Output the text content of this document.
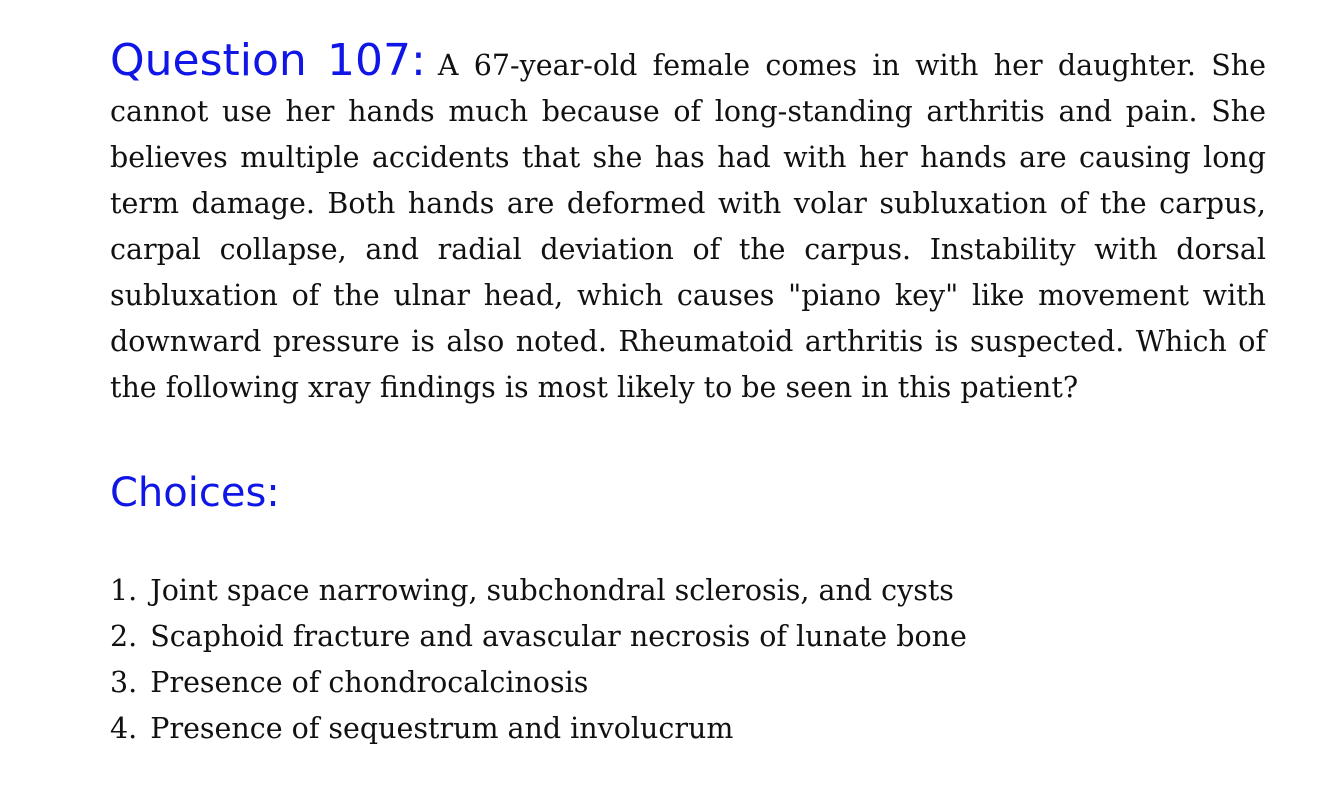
Question 107: A 67-year-old female comes in with her daughter. She cannot use her hands much because of long-standing arthritis and pain. She believes multiple accidents that she has had with her hands are causing long term damage. Both hands are deformed with volar subluxation of the carpus, carpal collapse, and radial deviation of the carpus. Instability with dorsal subluxation of the ulnar head, which causes "piano key" like movement with downward pressure is also noted. Rheumatoid arthritis is suspected. Which of the following xray findings is most likely to be seen in this patient?
Choices:
1. Joint space narrowing, subchondral sclerosis, and cysts
2. Scaphoid fracture and avascular necrosis of lunate bone
3. Presence of chondrocalcinosis
4. Presence of sequestrum and involucrum
